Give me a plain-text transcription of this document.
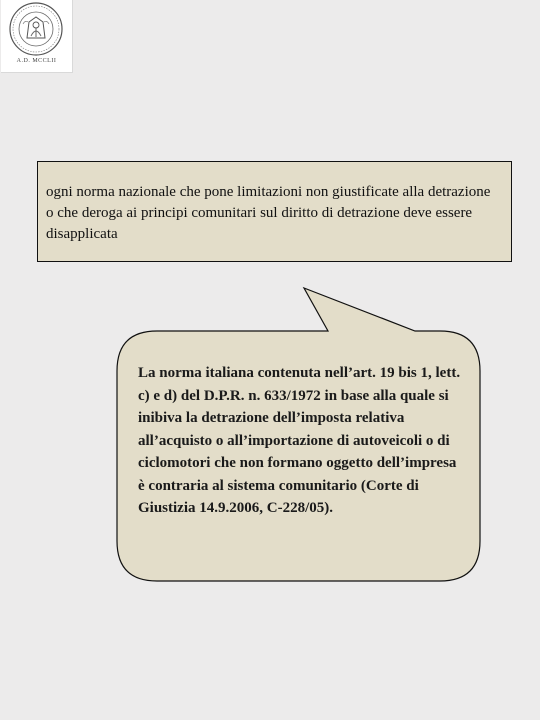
A.D. MCCLII
ogni norma nazionale che pone limitazioni non giustificate alla detrazione o che deroga ai principi comunitari sul diritto di detrazione deve essere disapplicata
La norma italiana contenuta nell’art. 19 bis 1, lett. c) e d) del D.P.R. n. 633/1972 in base alla quale si inibiva la detrazione dell’imposta relativa all’acquisto o all’importazione di autoveicoli o di ciclomotori che non formano oggetto dell’impresa è contraria al sistema comunitario (Corte di Giustizia 14.9.2006, C-228/05).
